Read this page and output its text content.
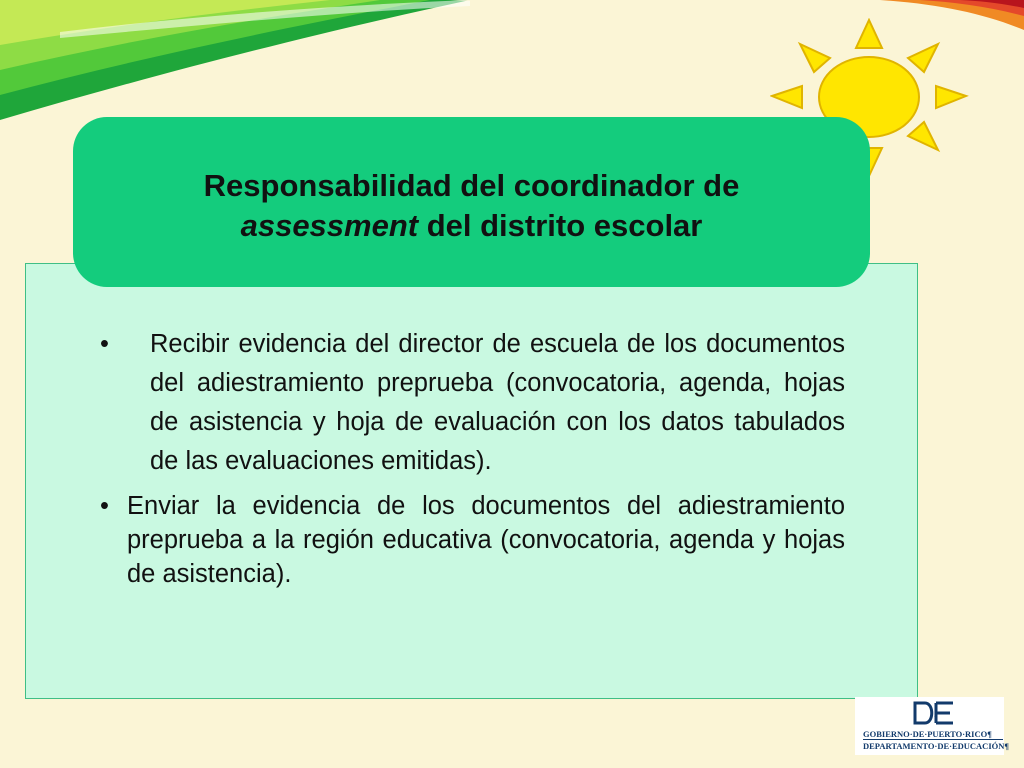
Responsabilidad del coordinador de
assessment del distrito escolar
• Recibir evidencia del director de escuela de los documentos del adiestramiento preprueba (convocatoria, agenda, hojas de asistencia y hoja de evaluación con los datos tabulados de las evaluaciones emitidas).
• Enviar la evidencia de los documentos del adiestramiento preprueba a la región educativa (convocatoria, agenda y hojas de asistencia).
DE
GOBIERNO·DE·PUERTO·RICO¶
DEPARTAMENTO·DE·EDUCACIÓN¶
